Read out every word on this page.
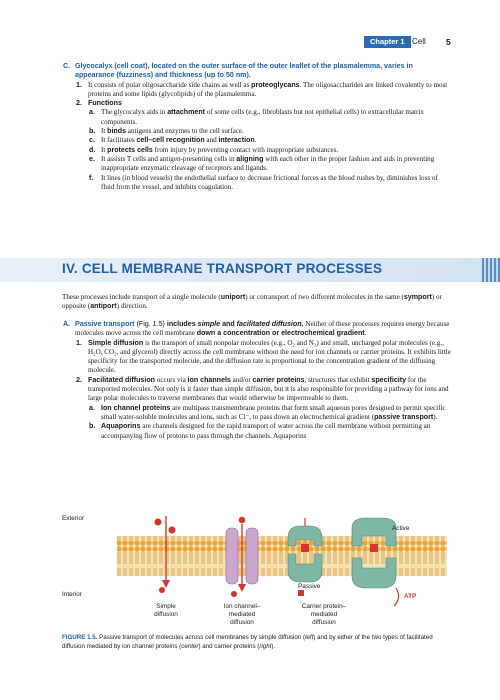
Chapter 1 Cell 5
C. Glycocalyx (cell coat), located on the outer surface of the outer leaflet of the plasmalemma, varies in appearance (fuzziness) and thickness (up to 50 nm).
1. It consists of polar oligosaccharide side chains as well as proteoglycans. The oligosaccharides are linked covalently to most proteins and some lipids (glycolipids) of the plasmalemma.
2. Functions
a. The glycocalyx aids in attachment of some cells (e.g., fibroblasts but not epithelial cells) to extracellular matrix components.
b. It binds antigens and enzymes to the cell surface.
c. It facilitates cell–cell recognition and interaction.
d. It protects cells from injury by preventing contact with inappropriate substances.
e. It assists T cells and antigen-presenting cells in aligning with each other in the proper fashion and aids in preventing inappropriate enzymatic cleavage of receptors and ligands.
f. It lines (in blood vessels) the endothelial surface to decrease frictional forces as the blood rushes by, diminishes loss of fluid from the vessel, and inhibits coagulation.
IV. CELL MEMBRANE TRANSPORT PROCESSES
These processes include transport of a single molecule (uniport) or cotransport of two different molecules in the same (symport) or opposite (antiport) direction.
A. Passive transport (Fig. 1.5) includes simple and facilitated diffusion. Neither of these processes requires energy because molecules move across the cell membrane down a concentration or electrochemical gradient.
1. Simple diffusion is the transport of small nonpolar molecules (e.g., O₂ and N₂) and small, uncharged polar molecules (e.g., H₂O, CO₂, and glycerol) directly across the cell membrane without the need for ion channels or carrier proteins. It exhibits little specificity for the transported molecule, and the diffusion rate is proportional to the concentration gradient of the diffusing molecule.
2. Facilitated diffusion occurs via ion channels and/or carrier proteins, structures that exhibit specificity for the transported molecules. Not only is it faster than simple diffusion, but it is also responsible for providing a pathway for ions and large polar molecules to traverse membranes that would otherwise be impermeable to them.
a. Ion channel proteins are multipass transmembrane proteins that form small aqueous pores designed to permit specific small water-soluble molecules and ions, such as Cl⁻, to pass down an electrochemical gradient (passive transport).
b. Aquaporins are channels designed for the rapid transport of water across the cell membrane without permitting an accompanying flow of protons to pass through the channels. Aquaporins
Exterior
Interior
Active
ATP
Passive
Simple
diffusion
Ion channel–
mediated
diffusion
Carrier protein–
mediated
diffusion
FIGURE 1.5. Passive transport of molecules across cell membranes by simple diffusion (left) and by either of the two types of facilitated diffusion mediated by ion channel proteins (center) and carrier proteins (right).
